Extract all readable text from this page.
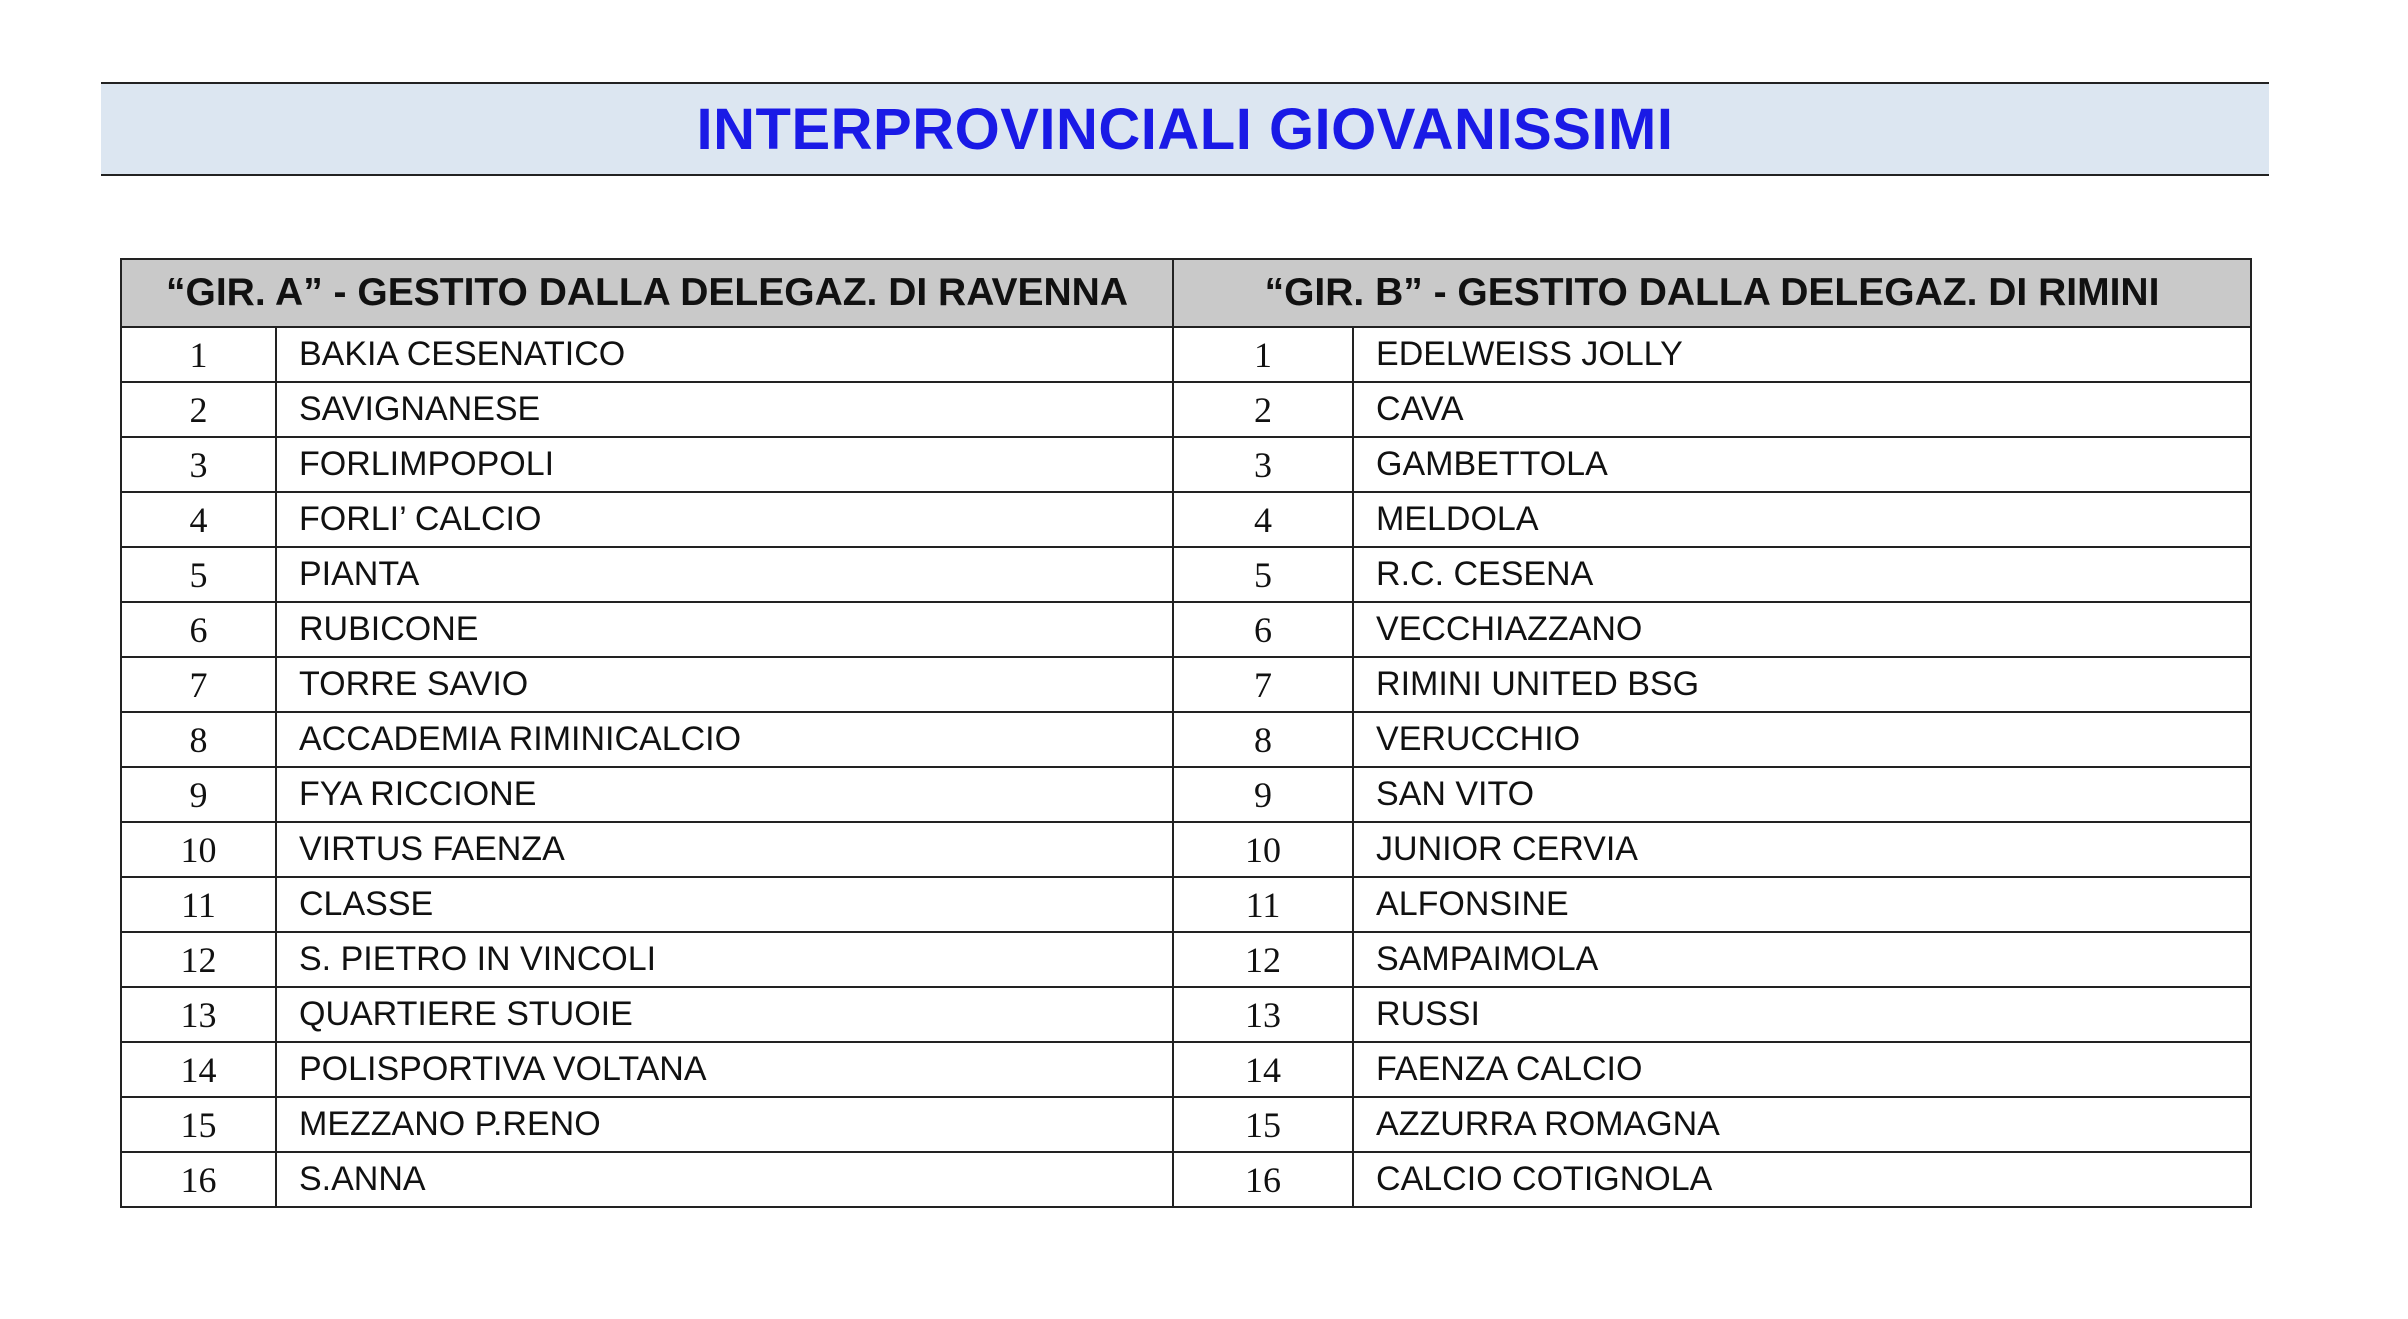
INTERPROVINCIALI GIOVANISSIMI
“GIR. A” - GESTITO DALLA DELEGAZ. DI RAVENNA		“GIR. B” - GESTITO DALLA DELEGAZ. DI RIMINI	
1	BAKIA CESENATICO	1	EDELWEISS JOLLY
2	SAVIGNANESE	2	CAVA
3	FORLIMPOPOLI	3	GAMBETTOLA
4	FORLI’ CALCIO	4	MELDOLA
5	PIANTA	5	R.C. CESENA
6	RUBICONE	6	VECCHIAZZANO
7	TORRE SAVIO	7	RIMINI UNITED BSG
8	ACCADEMIA RIMINICALCIO	8	VERUCCHIO
9	FYA RICCIONE	9	SAN VITO
10	VIRTUS FAENZA	10	JUNIOR CERVIA
11	CLASSE	11	ALFONSINE
12	S. PIETRO IN VINCOLI	12	SAMPAIMOLA
13	QUARTIERE STUOIE	13	RUSSI
14	POLISPORTIVA VOLTANA	14	FAENZA CALCIO
15	MEZZANO P.RENO	15	AZZURRA ROMAGNA
16	S.ANNA	16	CALCIO COTIGNOLA
